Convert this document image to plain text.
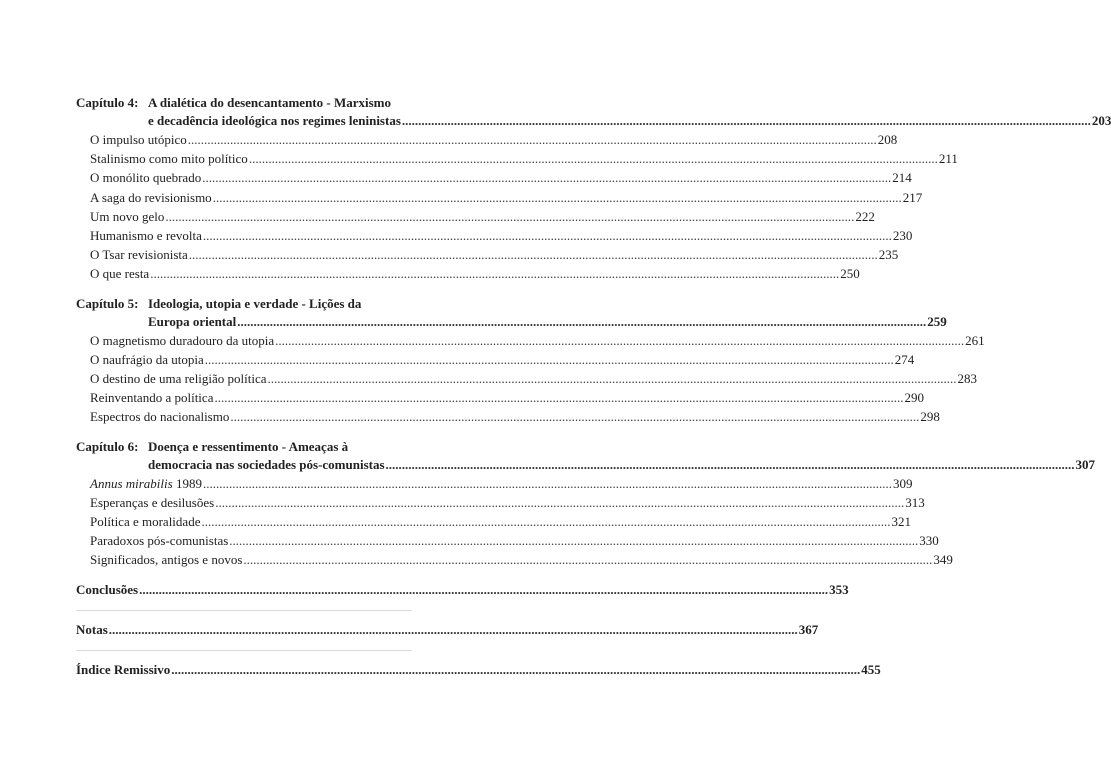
Capítulo 4: A dialética do desencantamento - Marxismo
e decadência ideológica nos regimes leninistas .....	203
O impulso utópico .....	208
Stalinismo como mito político .....	211
O monólito quebrado .....	214
A saga do revisionismo .....	217
Um novo gelo .....	222
Humanismo e revolta .....	230
O Tsar revisionista .....	235
O que resta .....	250
Capítulo 5: Ideologia, utopia e verdade - Lições da
Europa oriental .....	259
O magnetismo duradouro da utopia .....	261
O naufrágio da utopia .....	274
O destino de uma religião política .....	283
Reinventando a política .....	290
Espectros do nacionalismo .....	298
Capítulo 6: Doença e ressentimento - Ameaças à
democracia nas sociedades pós-comunistas .....	307
Annus mirabilis 1989 .....	309
Esperanças e desilusões .....	313
Política e moralidade .....	321
Paradoxos pós-comunistas .....	330
Significados, antigos e novos .....	349
Conclusões .....	353
Notas .....	367
Índice Remissivo .....	455
